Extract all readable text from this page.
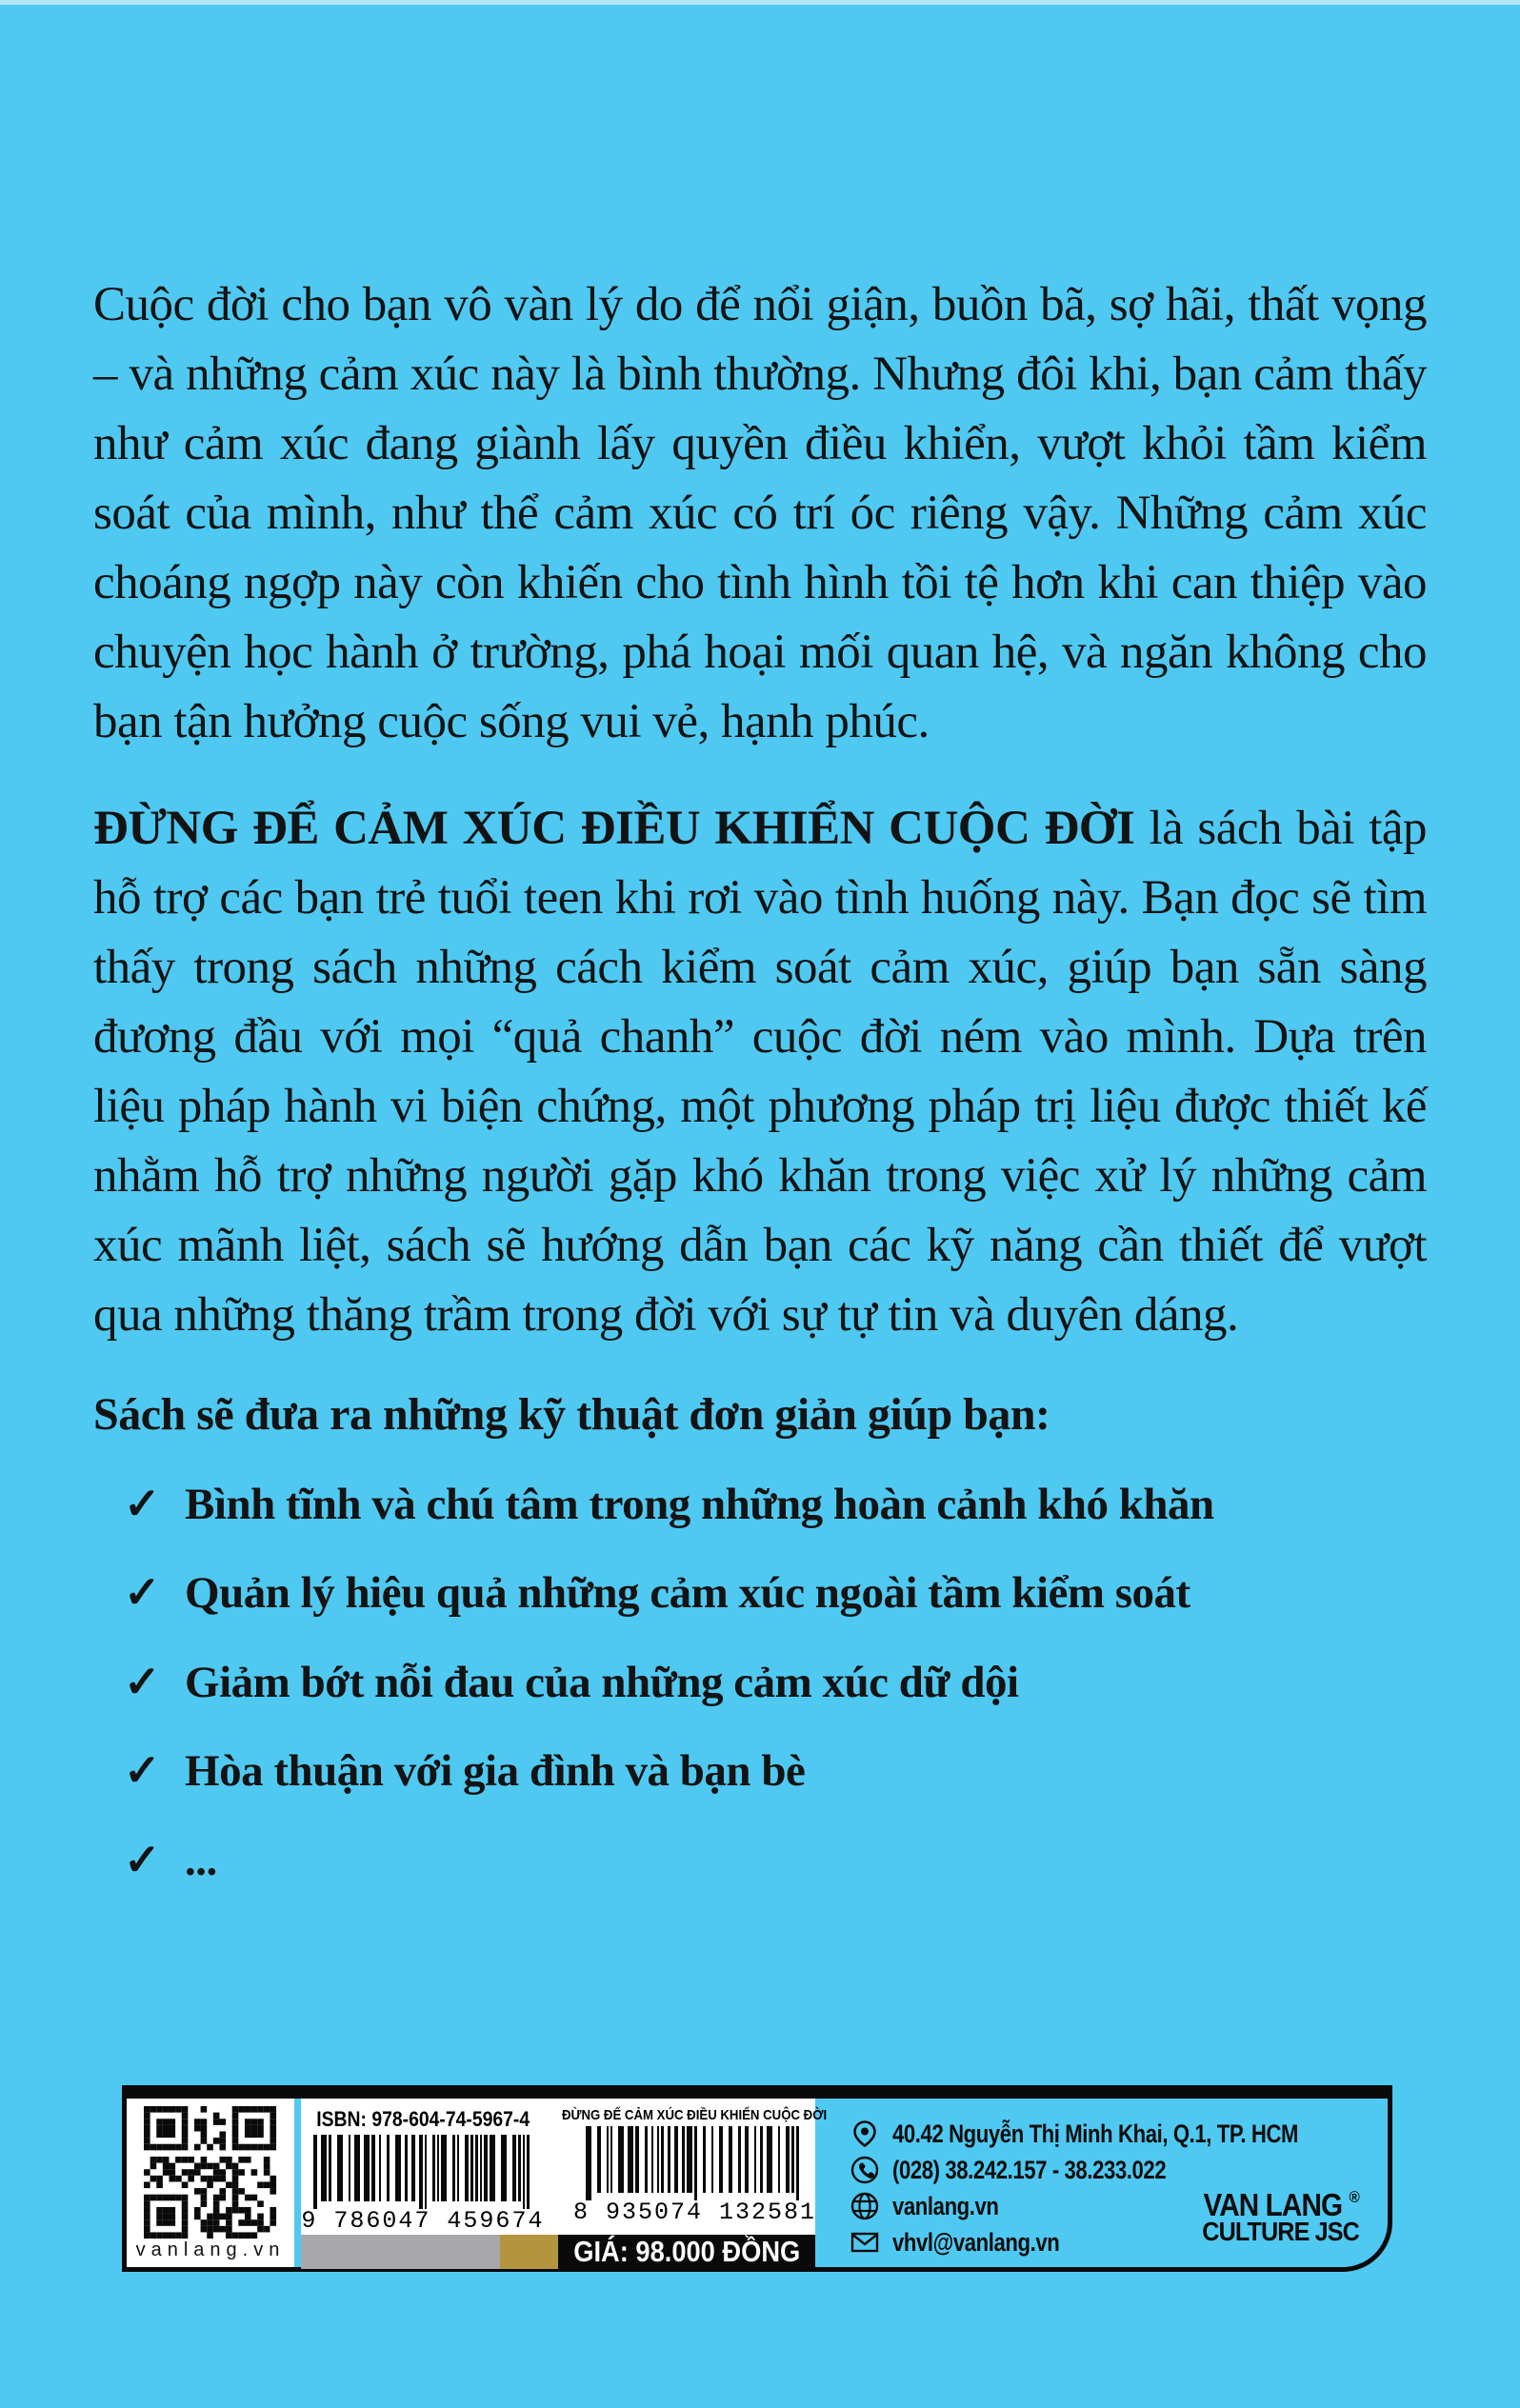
Cuộc đời cho bạn vô vàn lý do để nổi giận, buồn bã, sợ hãi, thất vọng – và những cảm xúc này là bình thường. Nhưng đôi khi, bạn cảm thấy như cảm xúc đang giành lấy quyền điều khiển, vượt khỏi tầm kiểm soát của mình, như thể cảm xúc có trí óc riêng vậy. Những cảm xúc choáng ngợp này còn khiến cho tình hình tồi tệ hơn khi can thiệp vào chuyện học hành ở trường, phá hoại mối quan hệ, và ngăn không cho bạn tận hưởng cuộc sống vui vẻ, hạnh phúc.

ĐỪNG ĐỂ CẢM XÚC ĐIỀU KHIỂN CUỘC ĐỜI là sách bài tập hỗ trợ các bạn trẻ tuổi teen khi rơi vào tình huống này. Bạn đọc sẽ tìm thấy trong sách những cách kiểm soát cảm xúc, giúp bạn sẵn sàng đương đầu với mọi “quả chanh” cuộc đời ném vào mình. Dựa trên liệu pháp hành vi biện chứng, một phương pháp trị liệu được thiết kế nhằm hỗ trợ những người gặp khó khăn trong việc xử lý những cảm xúc mãnh liệt, sách sẽ hướng dẫn bạn các kỹ năng cần thiết để vượt qua những thăng trầm trong đời với sự tự tin và duyên dáng.

Sách sẽ đưa ra những kỹ thuật đơn giản giúp bạn:
✓ Bình tĩnh và chú tâm trong những hoàn cảnh khó khăn
✓ Quản lý hiệu quả những cảm xúc ngoài tầm kiểm soát
✓ Giảm bớt nỗi đau của những cảm xúc dữ dội
✓ Hòa thuận với gia đình và bạn bè
✓ ...
vanlang.vn
ISBN: 978-604-74-5967-4
9 786047 459674
ĐỪNG ĐỂ CẢM XÚC ĐIỀU KHIỂN CUỘC ĐỜI
8 935074 132581
GIÁ: 98.000 ĐỒNG
40.42 Nguyễn Thị Minh Khai, Q.1, TP. HCM
(028) 38.242.157 - 38.233.022
vanlang.vn
vhvl@vanlang.vn
VAN LANG ®
CULTURE JSC
